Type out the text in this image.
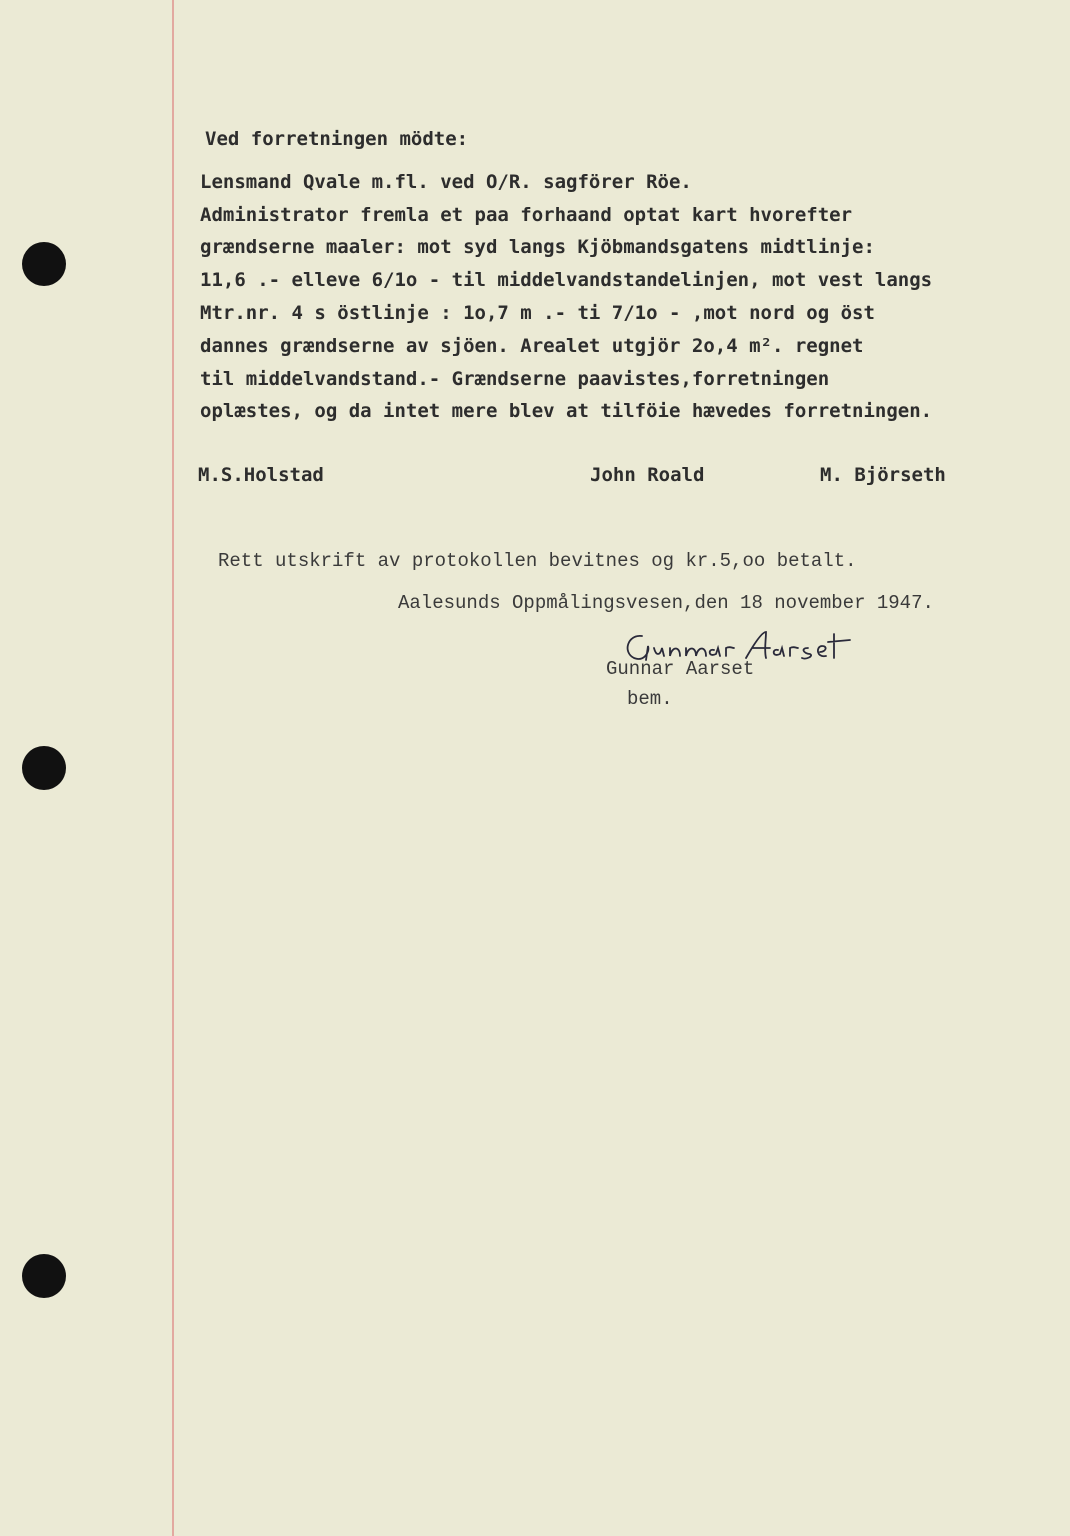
Ved forretningen mödte:
Lensmand Qvale m.fl. ved O/R. sagförer Röe.
Administrator fremla et paa forhaand optat kart hvorefter
grændserne maaler: mot syd langs Kjöbmandsgatens midtlinje:
11,6 .- elleve 6/1o - til middelvandstandelinjen, mot vest langs
Mtr.nr. 4 s östlinje : 1o,7 m .- ti 7/1o - ,mot nord og öst
dannes grændserne av sjöen. Arealet utgjör 2o,4 m². regnet
til middelvandstand.- Grændserne paavistes,forretningen
oplæstes, og da intet mere blev at tilföie hævedes forretningen.
M.S.Holstad	John Roald	M. Björseth
Rett utskrift av protokollen bevitnes og kr.5,oo betalt.
Aalesunds Oppmålingsvesen,den 18 november 1947.
Gunnar Aarset
bem.
